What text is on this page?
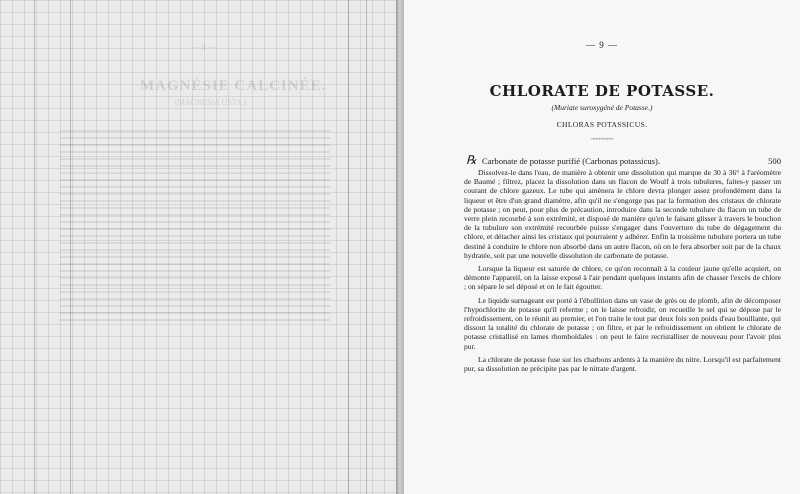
— 8 —
MAGNÉSIE CALCINÉE.
(MAGNESIA USTA.)
— 9 —
CHLORATE DE POTASSE.
(Muriate suroxygéné de Potasse.)
CHLORAS POTASSICUS.
~~~~~~~~
℞ Carbonate de potasse purifié (Carbonas potassicus).	500

Dissolvez-le dans l'eau, de manière à obtenir une dissolution qui marque de 30 à 36° à l'aréomètre de Baumé ; filtrez, placez la dissolution dans un flacon de Woulf à trois tubulures, faites-y passer un courant de chlore gazeux. Le tube qui amènera le chlore devra plonger assez profondément dans la liqueur et être d'un grand diamètre, afin qu'il ne s'engorge pas par la formation des cristaux de chlorate de potasse ; on peut, pour plus de précaution, introduire dans la seconde tubulure du flacon un tube de verre plein recourbé à son extrémité, et disposé de manière qu'en le faisant glisser à travers le bouchon de la tubulure son extrémité recourbée puisse s'engager dans l'ouverture du tube de dégagement du chlore, et détacher ainsi les cristaux qui pourraient y adhérer. Enfin la troisième tubulure portera un tube destiné à conduire le chlore non absorbé dans un autre flacon, où on le fera absorber soit par de la chaux hydratée, soit par une nouvelle dissolution de carbonate de potasse.

Lorsque la liqueur est saturée de chlore, ce qu'on reconnaît à la couleur jaune qu'elle acquiert, on démonte l'appareil, on la laisse exposé à l'air pendant quelques instants afin de chasser l'excès de chlore ; on sépare le sel déposé et on le fait égoutter.

Le liquide surnageant est porté à l'ébullition dans un vase de grès ou de plomb, afin de décomposer l'hypochlorite de potasse qu'il referme ; on le laisse refroidir, on recueille le sel qui se dépose par le refroidissement, on le réunit au premier, et l'on traite le tout par deux fois son poids d'eau bouillante, qui dissout la totalité du chlorate de potasse ; on filtre, et par le refroidissement on obtient le chlorate de potasse cristallisé en lames rhomboïdales : on peut le faire recristalliser de nouveau pour l'avoir plus pur.

La chlorate de potasse fuse sur les charbons ardents à la manière du nitre. Lorsqu'il est parfaitement pur, sa dissolution ne précipite pas par le nitrate d'argent.
